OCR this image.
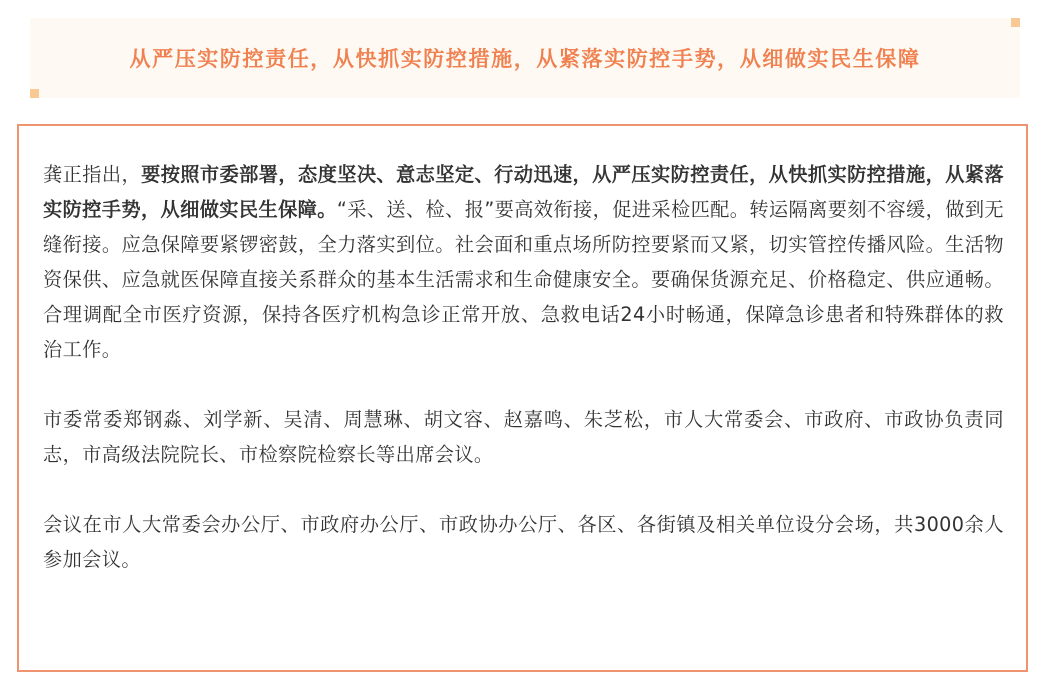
从严压实防控责任，从快抓实防控措施，从紧落实防控手势，从细做实民生保障

龚正指出，要按照市委部署，态度坚决、意志坚定、行动迅速，从严压实防控责任，从快抓实防控措施，从紧落实防控手势，从细做实民生保障。“采、送、检、报”要高效衔接，促进采检匹配。转运隔离要刻不容缓，做到无缝衔接。应急保障要紧锣密鼓，全力落实到位。社会面和重点场所防控要紧而又紧，切实管控传播风险。生活物资保供、应急就医保障直接关系群众的基本生活需求和生命健康安全。要确保货源充足、价格稳定、供应通畅。合理调配全市医疗资源，保持各医疗机构急诊正常开放、急救电话24小时畅通，保障急诊患者和特殊群体的救治工作。

市委常委郑钢淼、刘学新、吴清、周慧琳、胡文容、赵嘉鸣、朱芝松，市人大常委会、市政府、市政协负责同志，市高级法院院长、市检察院检察长等出席会议。

会议在市人大常委会办公厅、市政府办公厅、市政协办公厅、各区、各街镇及相关单位设分会场，共3000余人参加会议。
